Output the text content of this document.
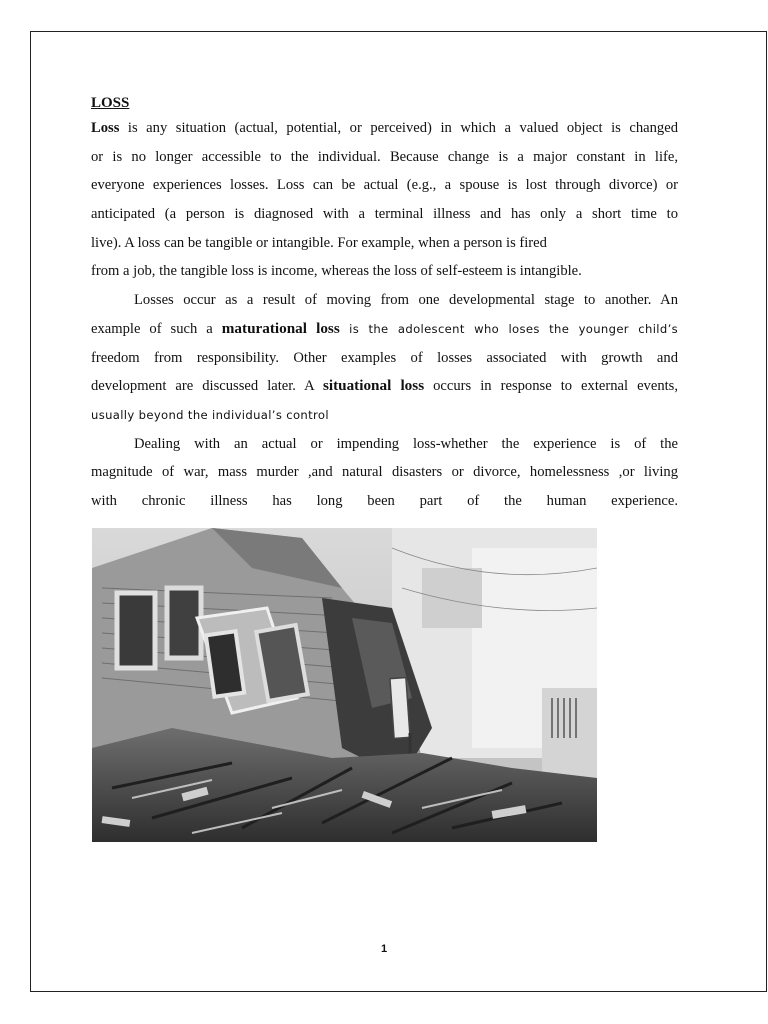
LOSS

Loss is any situation (actual, potential, or perceived) in which a valued object is changed
or is no longer accessible to the individual. Because change is a major constant in life,
everyone experiences losses. Loss can be actual (e.g., a spouse is lost through divorce) or
anticipated (a person is diagnosed with a terminal illness and has only a short time to
live). A loss can be tangible or intangible. For example, when a person is fired
from a job, the tangible loss is income, whereas the loss of self-esteem is intangible.
Losses occur as a result of moving from one developmental stage to another. An
example of such a maturational loss is the adolescent who loses the younger child’s
freedom from responsibility. Other examples of losses associated with growth and
development are discussed later. A situational loss occurs in response to external events,
usually beyond the individual’s control
Dealing with an actual or impending loss-whether the experience is of the
magnitude of war, mass murder ,and natural disasters or divorce, homelessness ,or living
with chronic illness has long been part of the human experience.
1
